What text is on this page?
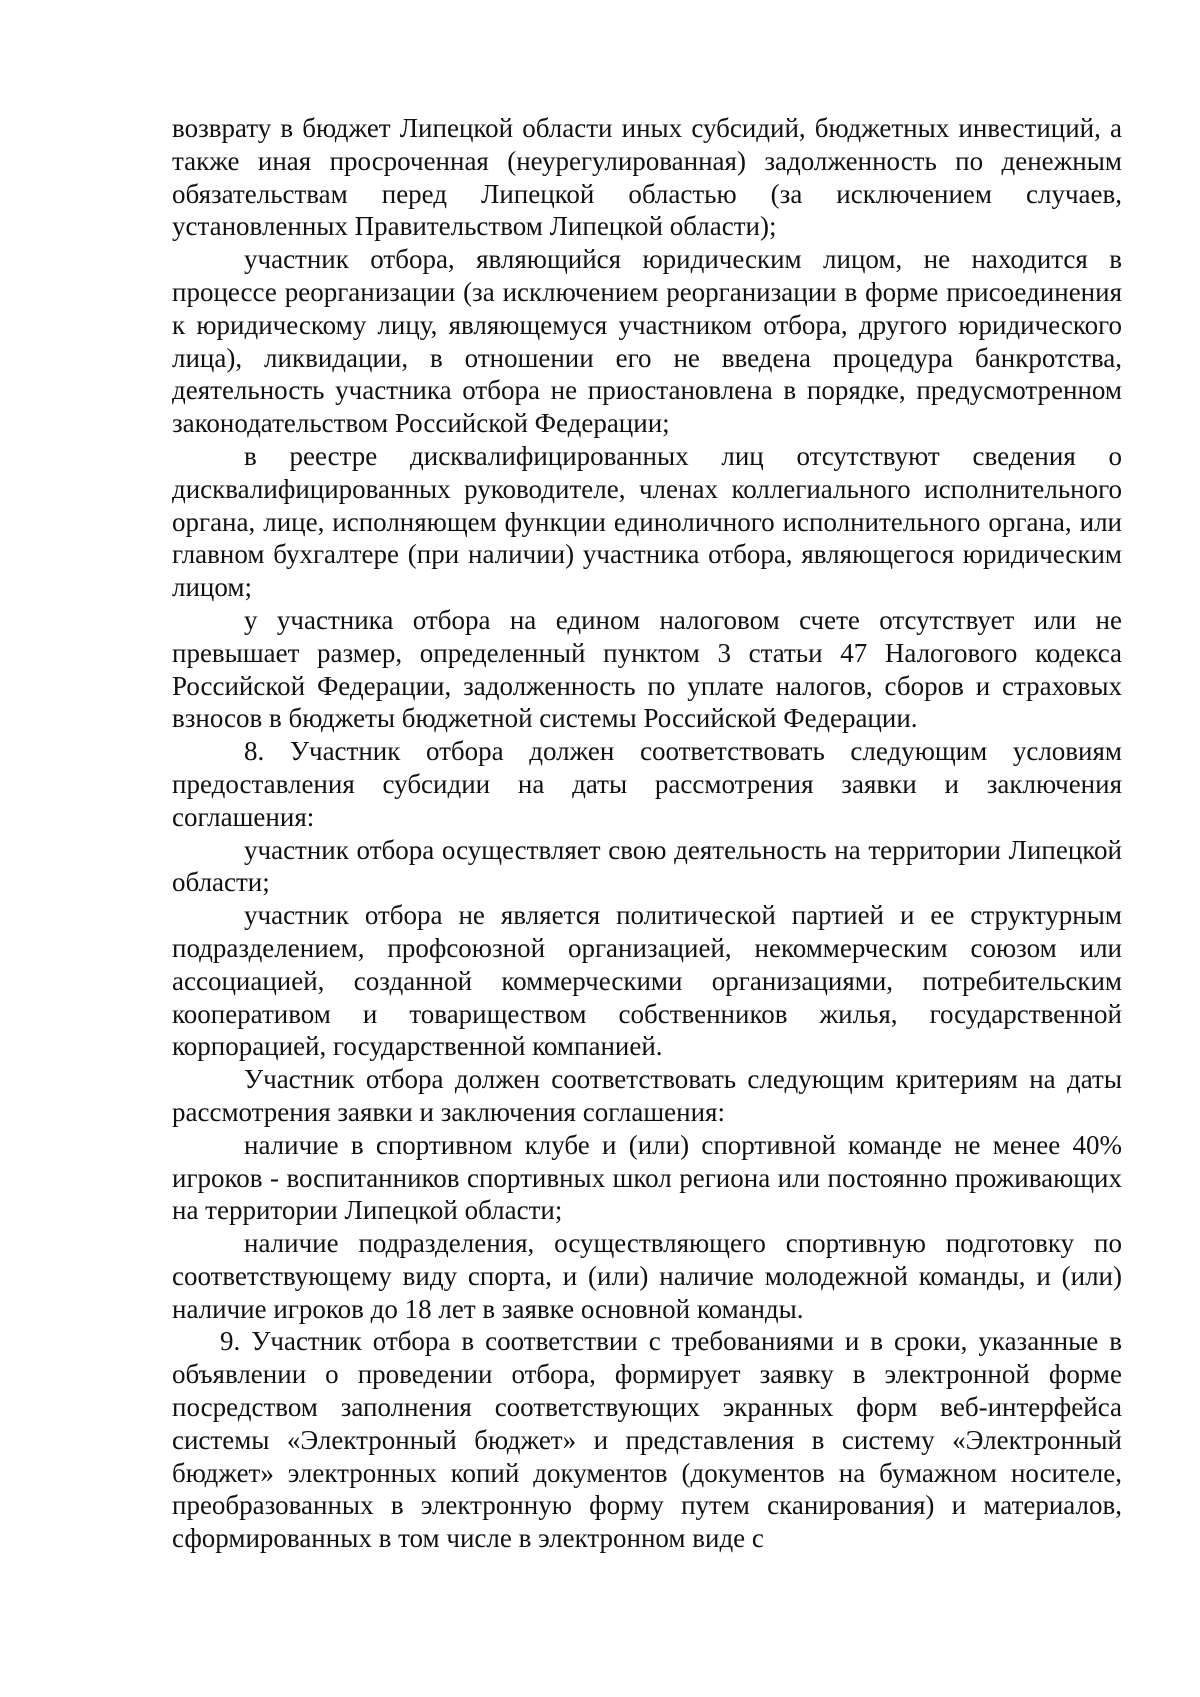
возврату в бюджет Липецкой области иных субсидий, бюджетных инвестиций, а также иная просроченная (неурегулированная) задолженность по денежным обязательствам перед Липецкой областью (за исключением случаев, установленных Правительством Липецкой области);

участник отбора, являющийся юридическим лицом, не находится в процессе реорганизации (за исключением реорганизации в форме присоединения к юридическому лицу, являющемуся участником отбора, другого юридического лица), ликвидации, в отношении его не введена процедура банкротства, деятельность участника отбора не приостановлена в порядке, предусмотренном законодательством Российской Федерации;

в реестре дисквалифицированных лиц отсутствуют сведения о дисквалифицированных руководителе, членах коллегиального исполнительного органа, лице, исполняющем функции единоличного исполнительного органа, или главном бухгалтере (при наличии) участника отбора, являющегося юридическим лицом;

у участника отбора на едином налоговом счете отсутствует или не превышает размер, определенный пунктом 3 статьи 47 Налогового кодекса Российской Федерации, задолженность по уплате налогов, сборов и страховых взносов в бюджеты бюджетной системы Российской Федерации.

8. Участник отбора должен соответствовать следующим условиям предоставления субсидии на даты рассмотрения заявки и заключения соглашения:

участник отбора осуществляет свою деятельность на территории Липецкой области;

участник отбора не является политической партией и ее структурным подразделением, профсоюзной организацией, некоммерческим союзом или ассоциацией, созданной коммерческими организациями, потребительским кооперативом и товариществом собственников жилья, государственной корпорацией, государственной компанией.

Участник отбора должен соответствовать следующим критериям на даты рассмотрения заявки и заключения соглашения:

наличие в спортивном клубе и (или) спортивной команде не менее 40% игроков - воспитанников спортивных школ региона или постоянно проживающих на территории Липецкой области;

наличие подразделения, осуществляющего спортивную подготовку по соответствующему виду спорта, и (или) наличие молодежной команды, и (или) наличие игроков до 18 лет в заявке основной команды.

9. Участник отбора в соответствии с требованиями и в сроки, указанные в объявлении о проведении отбора, формирует заявку в электронной форме посредством заполнения соответствующих экранных форм веб-интерфейса системы «Электронный бюджет» и представления в систему «Электронный бюджет» электронных копий документов (документов на бумажном носителе, преобразованных в электронную форму путем сканирования) и материалов, сформированных в том числе в электронном виде с
